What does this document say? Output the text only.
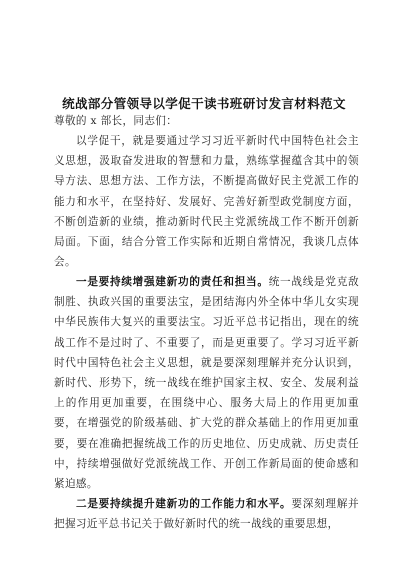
统战部分管领导以学促干读书班研讨发言材料范文
尊敬的 x 部长，同志们：

以学促干，就是要通过学习习近平新时代中国特色社会主义思想，汲取奋发进取的智慧和力量，熟练掌握蕴含其中的领导方法、思想方法、工作方法，不断提高做好民主党派工作的能力和水平，在坚持好、发展好、完善好新型政党制度方面，不断创造新的业绩，推动新时代民主党派统战工作不断开创新局面。下面，结合分管工作实际和近期自常情况，我谈几点体会。

一是要持续增强建新功的责任和担当。统一战线是党克敌制胜、执政兴国的重要法宝，是团结海内外全体中华儿女实现中华民族伟大复兴的重要法宝。习近平总书记指出，现在的统战工作不是过时了、不重要了，而是更重要了。学习习近平新时代中国特色社会主义思想，就是要深刻理解并充分认识到，新时代、形势下，统一战线在维护国家主权、安全、发展利益上的作用更加重要，在围绕中心、服务大局上的作用更加重要，在增强党的阶级基础、扩大党的群众基础上的作用更加重要，要在准确把握统战工作的历史地位、历史成就、历史责任中，持续增强做好党派统战工作、开创工作新局面的使命感和紧迫感。

二是要持续提升建新功的工作能力和水平。要深刻理解并把握习近平总书记关于做好新时代的统一战线的重要思想，
